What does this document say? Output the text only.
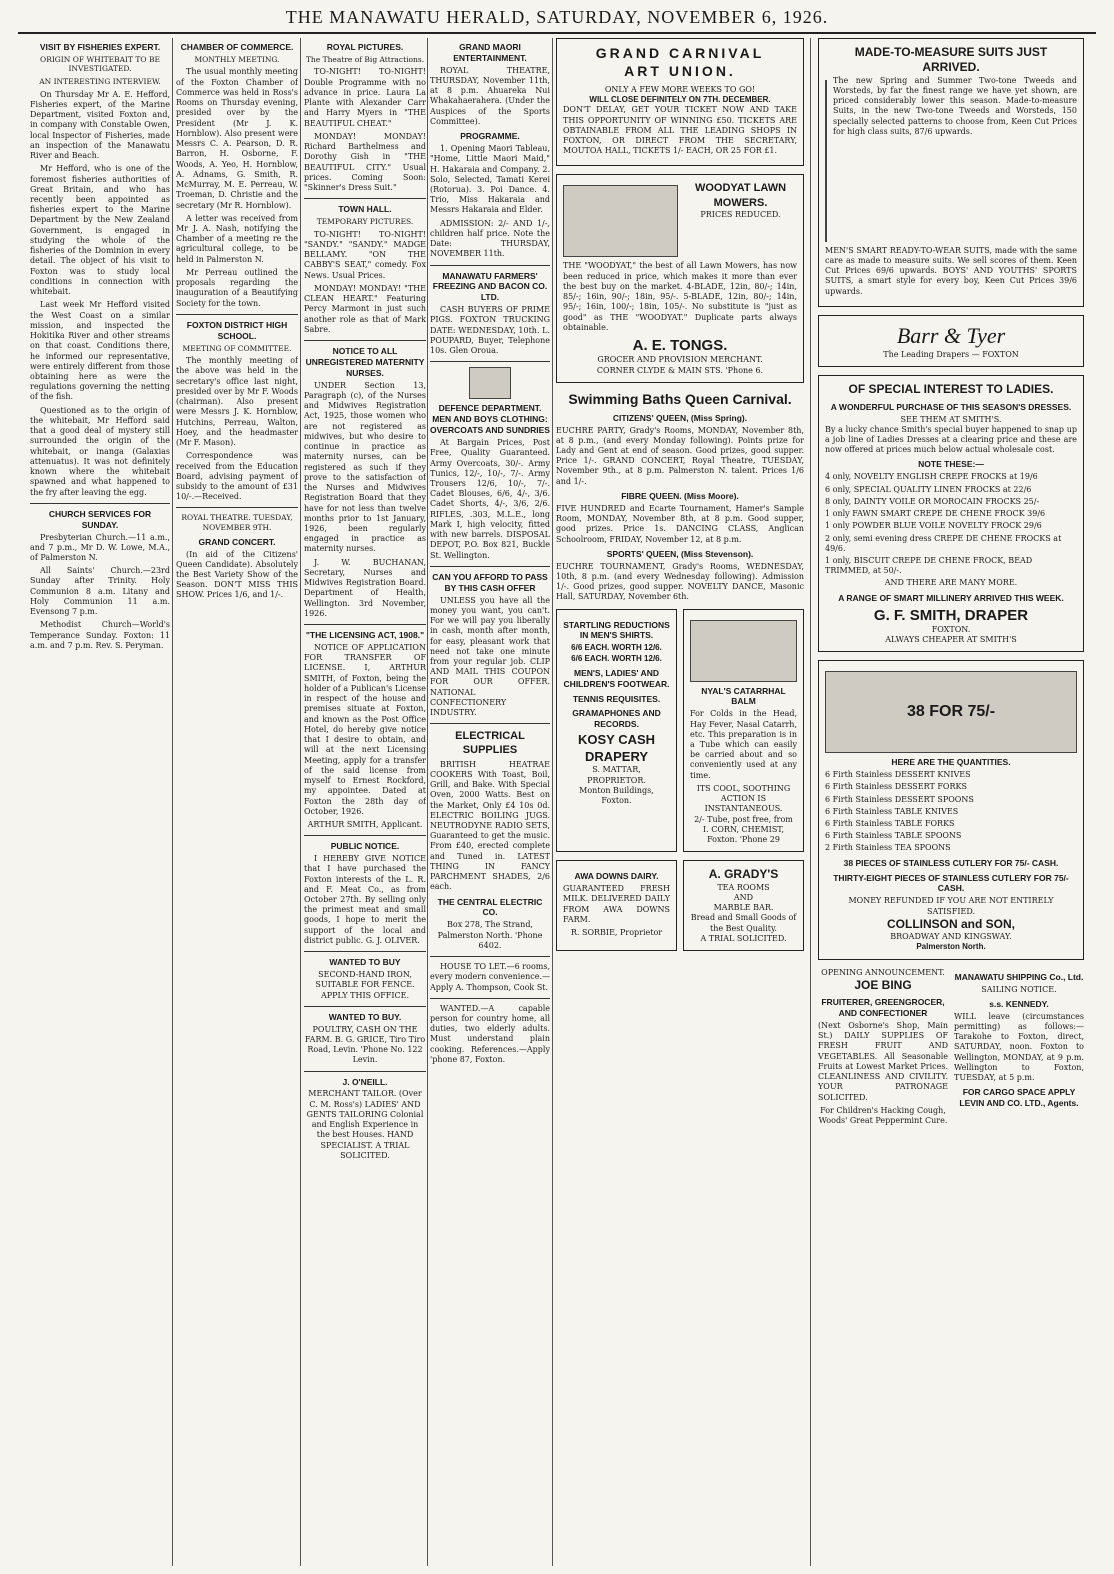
THE MANAWATU HERALD, SATURDAY, NOVEMBER 6, 1926.
VISIT BY FISHERIES EXPERT.
ORIGIN OF WHITEBAIT TO BE INVESTIGATED.
AN INTERESTING INTERVIEW.

On Thursday Mr A. E. Hefford, Fisheries expert, of the Marine Department, visited Foxton and, in company with Constable Owen, local Inspector of Fisheries, made an inspection of the Manawatu River and Beach.

Mr Hefford, who is one of the foremost fisheries authorities of Great Britain, and who has recently been appointed as fisheries expert to the Marine Department by the New Zealand Government, is engaged in studying the whole of the fisheries of the Dominion in every detail. The object of his visit to Foxton was to study local conditions in connection with whitebait.

Last week Mr Hefford visited the West Coast on a similar mission, and inspected the Hokitika River and other streams on that coast. Conditions there, he informed our representative, were entirely different from those obtaining here as were the regulations governing the netting of the fish.

Questioned as to the origin of the whitebait, Mr Hefford said that a good deal of mystery still surrounded the origin of the whitebait, or inanga (Galaxias attenuatus). It was not definitely known where the whitebait spawned and what happened to the fry after leaving the egg.

CHURCH SERVICES FOR SUNDAY.

Presbyterian Church.—11 a.m., and 7 p.m., Mr D. W. Lowe, M.A., of Palmerston N.

All Saints' Church.—23rd Sunday after Trinity. Holy Communion 8 a.m. Litany and Holy Communion 11 a.m. Evensong 7 p.m.

Methodist Church—World's Temperance Sunday. Foxton: 11 a.m. and 7 p.m. Rev. S. Peryman.

CHAMBER OF COMMERCE.
MONTHLY MEETING.

The usual monthly meeting of the Foxton Chamber of Commerce was held in Ross's Rooms on Thursday evening, presided over by the President (Mr J. K. Hornblow). Also present were Messrs C. A. Pearson, D. R. Barron, H. Osborne, F. Woods, A. Yeo, H. Hornblow, A. Adnams, G. Smith, R. McMurray, M. E. Perreau, W. Troeman, D. Christie and the secretary (Mr R. Hornblow).

A letter was received from Mr J. A. Nash, notifying the Chamber of a meeting re the agricultural college, to be held in Palmerston N.

Mr Perreau outlined the proposals regarding the inauguration of a Beautifying Society for the town.

FOXTON DISTRICT HIGH SCHOOL.
MEETING OF COMMITTEE.

The monthly meeting of the above was held in the secretary's office last night, presided over by Mr F. Woods (chairman). Also present were Messrs J. K. Hornblow, Hutchins, Perreau, Walton, Hoey, and the headmaster (Mr F. Mason).

Correspondence was received from the Education Board, advising payment of subsidy to the amount of £31 10/-.—Received.

ROYAL THEATRE. TUESDAY, NOVEMBER 9TH.
GRAND CONCERT.

(In aid of the Citizens' Queen Candidate). Absolutely the Best Variety Show of the Season. DON'T MISS THIS SHOW. Prices 1/6, and 1/-.

ROYAL PICTURES.
The Theatre of Big Attractions.

TO-NIGHT! TO-NIGHT! Double Programme with no advance in price. Laura La Plante with Alexander Carr and Harry Myers in "THE BEAUTIFUL CHEAT."

MONDAY! MONDAY! Richard Barthelmess and Dorothy Gish in "THE BEAUTIFUL CITY." Usual prices. Coming Soon: "Skinner's Dress Suit."

TOWN HALL.
TEMPORARY PICTURES.

TO-NIGHT! TO-NIGHT! "SANDY." "SANDY." MADGE BELLAMY. "ON THE CABBY'S SEAT," comedy. Fox News. Usual Prices.

MONDAY! MONDAY! "THE CLEAN HEART." Featuring Percy Marmont in just such another role as that of Mark Sabre.

NOTICE TO ALL UNREGISTERED MATERNITY NURSES.

UNDER Section 13, Paragraph (c), of the Nurses and Midwives Registration Act, 1925, those women who are not registered as midwives, but who desire to continue in practice as maternity nurses, can be registered as such if they prove to the satisfaction of the Nurses and Midwives Registration Board that they have for not less than twelve months prior to 1st January, 1926, been regularly engaged in practice as maternity nurses.

J. W. BUCHANAN, Secretary, Nurses and Midwives Registration Board. Department of Health, Wellington. 3rd November, 1926.

"THE LICENSING ACT, 1908."

NOTICE OF APPLICATION FOR TRANSFER OF LICENSE. I, ARTHUR SMITH, of Foxton, being the holder of a Publican's License in respect of the house and premises situate at Foxton, and known as the Post Office Hotel, do hereby give notice that I desire to obtain, and will at the next Licensing Meeting, apply for a transfer of the said license from myself to Ernest Rockford, my appointee. Dated at Foxton the 28th day of October, 1926.

ARTHUR SMITH, Applicant.
PUBLIC NOTICE.

I HEREBY GIVE NOTICE that I have purchased the Foxton interests of the L. R. and F. Meat Co., as from October 27th. By selling only the primest meat and small goods, I hope to merit the support of the local and district public. G. J. OLIVER.

WANTED TO BUY
SECOND-HAND IRON, SUITABLE FOR FENCE. APPLY THIS OFFICE.
WANTED TO BUY.
POULTRY, CASH ON THE FARM. B. G. GRICE, Tiro Tiro Road, Levin. 'Phone No. 122 Levin.
J. O'NEILL.
MERCHANT TAILOR. (Over C. M. Ross's) LADIES' AND GENTS TAILORING Colonial and English Experience in the best Houses. HAND SPECIALIST. A TRIAL SOLICITED.
GRAND MAORI ENTERTAINMENT.

ROYAL THEATRE, THURSDAY, November 11th, at 8 p.m. Ahuareka Nui Whakahaerahera. (Under the Auspices of the Sports Committee).

PROGRAMME.

1. Opening Maori Tableau, "Home, Little Maori Maid," H. Hakaraia and Company. 2. Solo, Selected, Tamati Kerei (Rotorua). 3. Poi Dance. 4. Trio, Miss Hakaraia and Messrs Hakaraia and Elder.

ADMISSION: 2/- AND 1/-, children half price. Note the Date: THURSDAY, NOVEMBER 11th.

MANAWATU FARMERS' FREEZING AND BACON CO. LTD.

CASH BUYERS OF PRIME PIGS. FOXTON TRUCKING DATE: WEDNESDAY, 10th. L. POUPARD, Buyer, Telephone 10s. Glen Oroua.

DEFENCE DEPARTMENT. MEN AND BOYS CLOTHING: OVERCOATS AND SUNDRIES

At Bargain Prices, Post Free, Quality Guaranteed. Army Overcoats, 30/-. Army Tunics, 12/-, 10/-, 7/-. Army Trousers 12/6, 10/-, 7/-. Cadet Blouses, 6/6, 4/-, 3/6. Cadet Shorts, 4/-, 3/6, 2/6. RIFLES, .303, M.L.E., long Mark I, high velocity, fitted with new barrels. DISPOSAL DEPOT, P.O. Box 821, Buckle St. Wellington.

CAN YOU AFFORD TO PASS BY THIS CASH OFFER

UNLESS you have all the money you want, you can't. For we will pay you liberally in cash, month after month, for easy, pleasant work that need not take one minute from your regular job. CLIP AND MAIL THIS COUPON FOR OUR OFFER. NATIONAL CONFECTIONERY INDUSTRY.

ELECTRICAL SUPPLIES

BRITISH HEATRAE COOKERS With Toast, Boil, Grill, and Bake. With Special Oven, 2000 Watts. Best on the Market, Only £4 10s 0d. ELECTRIC BOILING JUGS. NEUTRODYNE RADIO SETS, Guaranteed to get the music. From £40, erected complete and Tuned in. LATEST THING IN FANCY PARCHMENT SHADES, 2/6 each.

THE CENTRAL ELECTRIC CO.
Box 278, The Strand, Palmerston North. 'Phone 6402.

HOUSE TO LET.—6 rooms, every modern convenience.—Apply A. Thompson, Cook St.

WANTED.—A capable person for country home, all duties, two elderly adults. Must understand plain cooking. References.—Apply 'phone 87, Foxton.

GRAND CARNIVAL
ART UNION.
ONLY A FEW MORE WEEKS TO GO!
WILL CLOSE DEFINITELY ON 7TH. DECEMBER.

DON'T DELAY, GET YOUR TICKET NOW AND TAKE THIS OPPORTUNITY OF WINNING £50. TICKETS ARE OBTAINABLE FROM ALL THE LEADING SHOPS IN FOXTON, OR DIRECT FROM THE SECRETARY, MOUTOA HALL, TICKETS 1/- EACH, OR 25 FOR £1.

WOODYAT LAWN MOWERS.
PRICES REDUCED.

THE "WOODYAT," the best of all Lawn Mowers, has now been reduced in price, which makes it more than ever the best buy on the market. 4-BLADE, 12in, 80/-; 14in, 85/-; 16in, 90/-; 18in, 95/-. 5-BLADE, 12in, 80/-; 14in, 95/-; 16in, 100/-; 18in, 105/-. No substitute is "just as good" as THE "WOODYAT." Duplicate parts always obtainable.

A. E. TONGS.
GROCER AND PROVISION MERCHANT.
CORNER CLYDE & MAIN STS. 'Phone 6.
Swimming Baths Queen Carnival.
CITIZENS' QUEEN, (Miss Spring).

EUCHRE PARTY, Grady's Rooms, MONDAY, November 8th, at 8 p.m., (and every Monday following). Points prize for Lady and Gent at end of season. Good prizes, good supper. Price 1/-. GRAND CONCERT, Royal Theatre, TUESDAY, November 9th., at 8 p.m. Palmerston N. talent. Prices 1/6 and 1/-.

FIBRE QUEEN. (Miss Moore).

FIVE HUNDRED and Ecarte Tournament, Hamer's Sample Room, MONDAY, November 8th, at 8 p.m. Good supper, good prizes. Price 1s. DANCING CLASS, Anglican Schoolroom, FRIDAY, November 12, at 8 p.m.

SPORTS' QUEEN, (Miss Stevenson).

EUCHRE TOURNAMENT, Grady's Rooms, WEDNESDAY, 10th, 8 p.m. (and every Wednesday following). Admission 1/-. Good prizes, good supper. NOVELTY DANCE, Masonic Hall, SATURDAY, November 6th.

STARTLING REDUCTIONS IN MEN'S SHIRTS.
6/6 EACH. WORTH 12/6.
6/6 EACH. WORTH 12/6.
MEN'S, LADIES' AND CHILDREN'S FOOTWEAR.
TENNIS REQUISITES.
GRAMAPHONES AND RECORDS.
KOSY CASH DRAPERY
S. MATTAR, PROPRIETOR.
Monton Buildings, Foxton.
NYAL'S CATARRHAL BALM

For Colds in the Head, Hay Fever, Nasal Catarrh, etc. This preparation is in a Tube which can easily be carried about and so conveniently used at any time.

ITS COOL, SOOTHING ACTION IS INSTANTANEOUS.
2/- Tube, post free, from
I. CORN, CHEMIST,
Foxton. 'Phone 29
AWA DOWNS DAIRY.

GUARANTEED FRESH MILK. DELIVERED DAILY FROM AWA DOWNS FARM.

R. SORBIE, Proprietor
A. GRADY'S
TEA ROOMS
AND
MARBLE BAR.
Bread and Small Goods of the Best Quality.
A TRIAL SOLICITED.
MADE-TO-MEASURE SUITS JUST ARRIVED.

The new Spring and Summer Two-tone Tweeds and Worsteds, by far the finest range we have yet shown, are priced considerably lower this season. Made-to-measure Suits, in the new Two-tone Tweeds and Worsteds, 150 specially selected patterns to choose from, Keen Cut Prices for high class suits, 87/6 upwards.

MEN'S SMART READY-TO-WEAR SUITS, made with the same care as made to measure suits. We sell scores of them. Keen Cut Prices 69/6 upwards. BOYS' AND YOUTHS' SPORTS SUITS, a smart style for every boy, Keen Cut Prices 39/6 upwards.

Barr & Tyer
The Leading Drapers — FOXTON
OF SPECIAL INTEREST TO LADIES.
A WONDERFUL PURCHASE OF THIS SEASON'S DRESSES.
SEE THEM AT SMITH'S.

By a lucky chance Smith's special buyer happened to snap up a job line of Ladies Dresses at a clearing price and these are now offered at prices much below actual wholesale cost.

NOTE THESE:—
4 only, NOVELTY ENGLISH CREPE FROCKS at 19/6
6 only, SPECIAL QUALITY LINEN FROCKS at 22/6
8 only, DAINTY VOILE OR MOROCAIN FROCKS 25/-
1 only FAWN SMART CREPE DE CHENE FROCK 39/6
1 only POWDER BLUE VOILE NOVELTY FROCK 29/6
2 only, semi evening dress CREPE DE CHENE FROCKS at 49/6.
1 only, BISCUIT CREPE DE CHENE FROCK, BEAD TRIMMED, at 50/-.
AND THERE ARE MANY MORE.
A RANGE OF SMART MILLINERY ARRIVED THIS WEEK.
G. F. SMITH, DRAPER
FOXTON.
ALWAYS CHEAPER AT SMITH'S
38 FOR 75/-
HERE ARE THE QUANTITIES.
6 Firth Stainless DESSERT KNIVES
6 Firth Stainless DESSERT FORKS
6 Firth Stainless DESSERT SPOONS
6 Firth Stainless TABLE KNIVES
6 Firth Stainless TABLE FORKS
6 Firth Stainless TABLE SPOONS
2 Firth Stainless TEA SPOONS
38 PIECES OF STAINLESS CUTLERY FOR 75/- CASH.
THIRTY-EIGHT PIECES OF STAINLESS CUTLERY FOR 75/- CASH.
MONEY REFUNDED IF YOU ARE NOT ENTIRELY SATISFIED.
COLLINSON and SON,
BROADWAY AND KINGSWAY.
Palmerston North.
OPENING ANNOUNCEMENT.
JOE BING
FRUITERER, GREENGROCER, AND CONFECTIONER

(Next Osborne's Shop, Main St.) DAILY SUPPLIES OF FRESH FRUIT AND VEGETABLES. All Seasonable Fruits at Lowest Market Prices. CLEANLINESS AND CIVILITY. YOUR PATRONAGE SOLICITED.

For Children's Hacking Cough, Woods' Great Peppermint Cure.
MANAWATU SHIPPING Co., Ltd.
SAILING NOTICE.
s.s. KENNEDY.

WILL leave (circumstances permitting) as follows:— Tarakohe to Foxton, direct, SATURDAY, noon. Foxton to Wellington, MONDAY, at 9 p.m. Wellington to Foxton, TUESDAY, at 5 p.m.

FOR CARGO SPACE APPLY LEVIN AND CO. LTD., Agents.
